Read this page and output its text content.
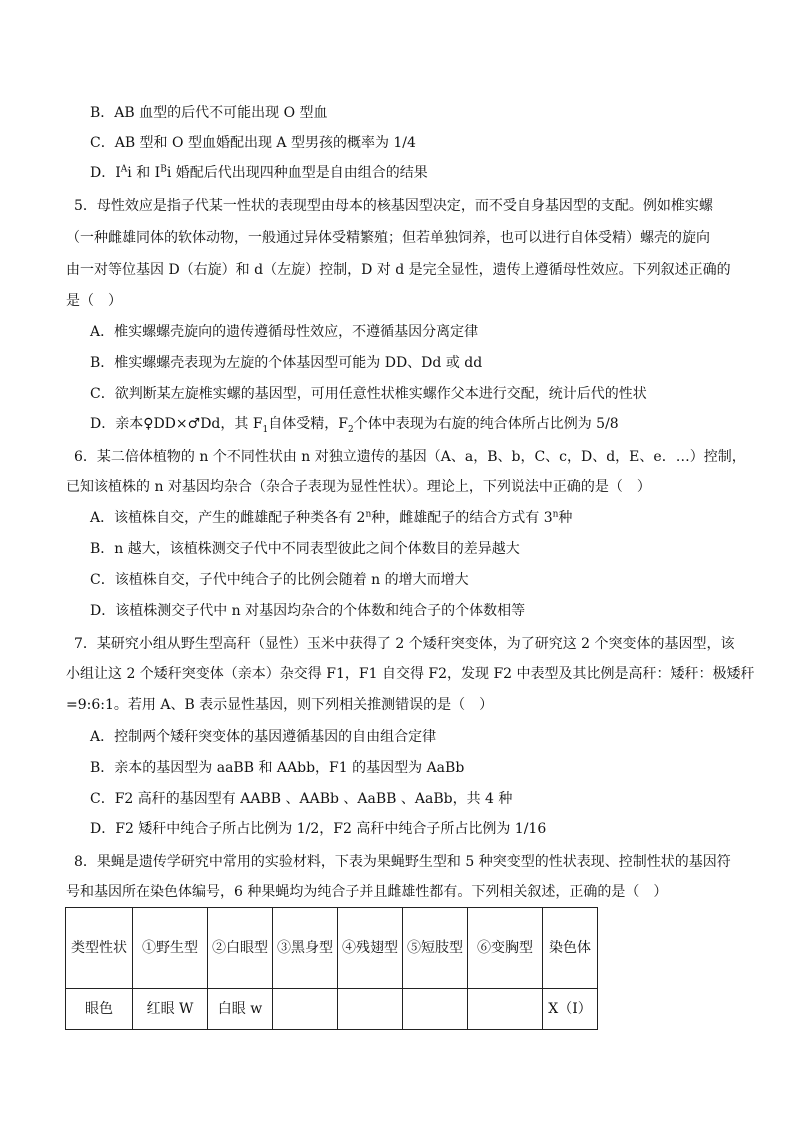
B．AB 血型的后代不可能出现 O 型血
C．AB 型和 O 型血婚配出现 A 型男孩的概率为 1/4
D．$I^Ai$ 和 $I^Bi$ 婚配后代出现四种血型是自由组合的结果
5．母性效应是指子代某一性状的表现型由母本的核基因型决定，而不受自身基因型的支配。例如椎实螺
（一种雌雄同体的软体动物，一般通过异体受精繁殖；但若单独饲养，也可以进行自体受精）螺壳的旋向
由一对等位基因 D（右旋）和 d（左旋）控制，D 对 d 是完全显性，遗传上遵循母性效应。下列叙述正确的
是（　）
A．椎实螺螺壳旋向的遗传遵循母性效应，不遵循基因分离定律
B．椎实螺螺壳表现为左旋的个体基因型可能为 DD、Dd 或 dd
C．欲判断某左旋椎实螺的基因型，可用任意性状椎实螺作父本进行交配，统计后代的性状
D．亲本♀DD×♂Dd，其 $F_1$自体受精，$F_2$个体中表现为右旋的纯合体所占比例为 5/8
6．某二倍体植物的 n 个不同性状由 n 对独立遗传的基因（A、a，B、b，C、c，D、d，E、e．…）控制，
已知该植株的 n 对基因均杂合（杂合子表现为显性性状）。理论上，下列说法中正确的是（　）
A．该植株自交，产生的雌雄配子种类各有 2$^n$种，雌雄配子的结合方式有 3$^n$种
B．n 越大，该植株测交子代中不同表型彼此之间个体数目的差异越大
C．该植株自交，子代中纯合子的比例会随着 n 的增大而增大
D．该植株测交子代中 n 对基因均杂合的个体数和纯合子的个体数相等
7．某研究小组从野生型高秆（显性）玉米中获得了 2 个矮秆突变体，为了研究这 2 个突变体的基因型，该
小组让这 2 个矮秆突变体（亲本）杂交得 F1，F1 自交得 F2，发现 F2 中表型及其比例是高秆：矮秆：极矮秆
=9:6:1。若用 A、B 表示显性基因，则下列相关推测错误的是（　）
A．控制两个矮秆突变体的基因遵循基因的自由组合定律
B．亲本的基因型为 aaBB 和 AAbb，F1 的基因型为 AaBb
C．F2 高秆的基因型有 AABB 、AABb 、AaBB 、AaBb，共 4 种
D．F2 矮秆中纯合子所占比例为 1/2，F2 高秆中纯合子所占比例为 1/16
8．果蝇是遗传学研究中常用的实验材料，下表为果蝇野生型和 5 种突变型的性状表现、控制性状的基因符
号和基因所在染色体编号，6 种果蝇均为纯合子并且雌雄性都有。下列相关叙述，正确的是（　）
类型性状	①野生型	②白眼型	③黑身型	④残翅型	⑤短肢型	⑥变胸型	染色体
眼色	红眼 W	白眼 w					X（Ⅰ）
